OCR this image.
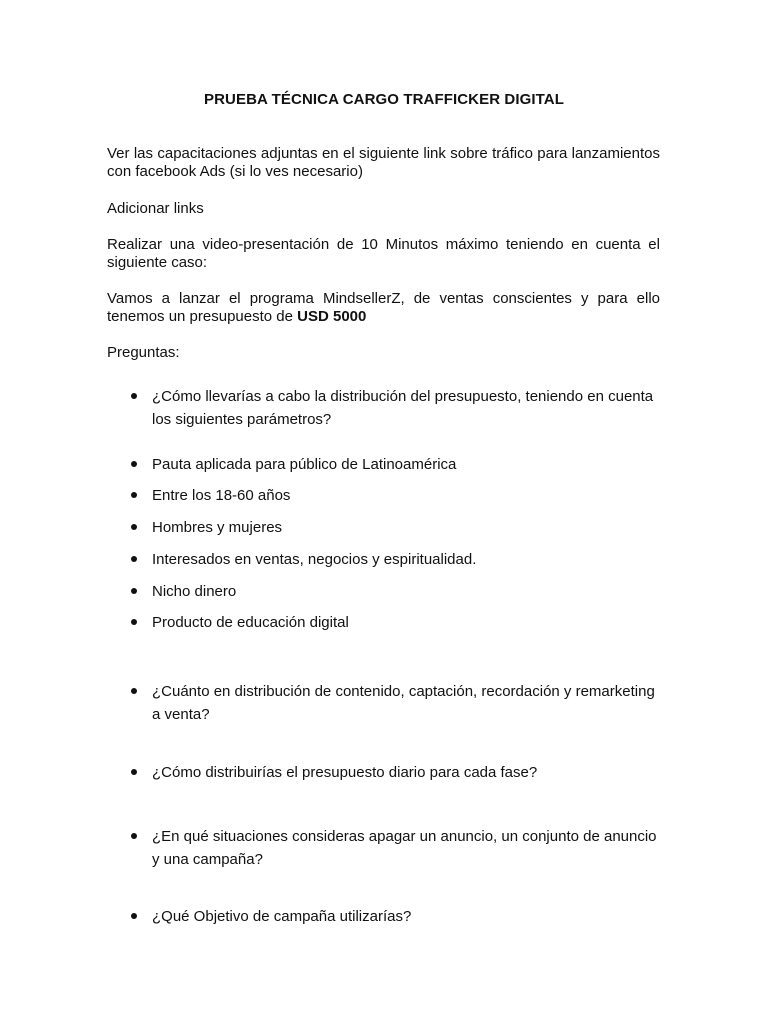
PRUEBA TÉCNICA CARGO TRAFFICKER DIGITAL
Ver las capacitaciones adjuntas en el siguiente link sobre tráfico para lanzamientos con facebook Ads (si lo ves necesario)
Adicionar links
Realizar una video-presentación de 10 Minutos máximo teniendo en cuenta el siguiente caso:
Vamos a lanzar el programa MindsellerZ, de ventas conscientes y para ello tenemos un presupuesto de USD 5000
Preguntas:
¿Cómo llevarías a cabo la distribución del presupuesto, teniendo en cuenta los siguientes parámetros?
Pauta aplicada para público de Latinoamérica
Entre los 18-60 años
Hombres y mujeres
Interesados en ventas, negocios y espiritualidad.
Nicho dinero
Producto de educación digital
¿Cuánto en distribución de contenido, captación, recordación y remarketing a venta?
¿Cómo distribuirías el presupuesto diario para cada fase?
¿En qué situaciones consideras apagar un anuncio, un conjunto de anuncio y una campaña?
¿Qué Objetivo de campaña utilizarías?
